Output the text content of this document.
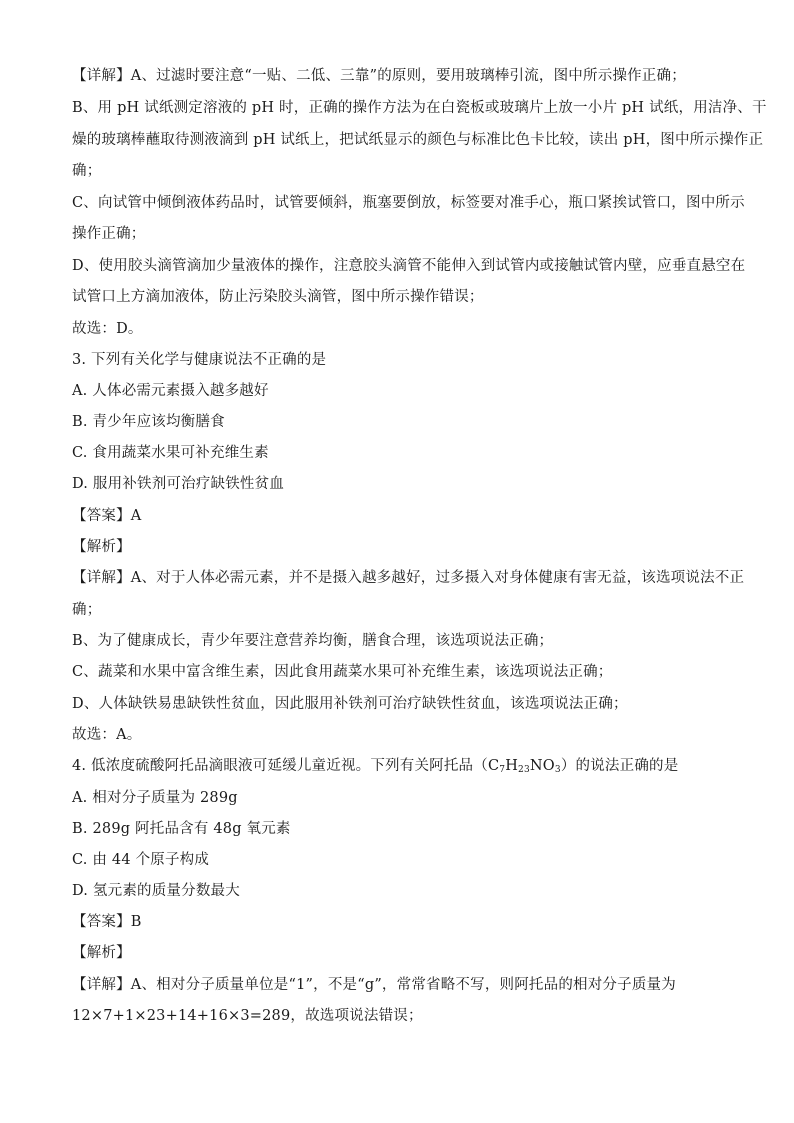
【详解】A、过滤时要注意“一贴、二低、三靠”的原则，要用玻璃棒引流，图中所示操作正确；
B、用 pH 试纸测定溶液的 pH 时，正确的操作方法为在白瓷板或玻璃片上放一小片 pH 试纸，用洁净、干
燥的玻璃棒蘸取待测液滴到 pH 试纸上，把试纸显示的颜色与标准比色卡比较，读出 pH，图中所示操作正
确；
C、向试管中倾倒液体药品时，试管要倾斜，瓶塞要倒放，标签要对准手心，瓶口紧挨试管口，图中所示
操作正确；
D、使用胶头滴管滴加少量液体的操作，注意胶头滴管不能伸入到试管内或接触试管内壁，应垂直悬空在
试管口上方滴加液体，防止污染胶头滴管，图中所示操作错误；
故选：D。
3. 下列有关化学与健康说法不正确的是
A. 人体必需元素摄入越多越好
B. 青少年应该均衡膳食
C. 食用蔬菜水果可补充维生素
D. 服用补铁剂可治疗缺铁性贫血
【答案】A
【解析】
【详解】A、对于人体必需元素，并不是摄入越多越好，过多摄入对身体健康有害无益，该选项说法不正
确；
B、为了健康成长，青少年要注意营养均衡，膳食合理，该选项说法正确；
C、蔬菜和水果中富含维生素，因此食用蔬菜水果可补充维生素，该选项说法正确；
D、人体缺铁易患缺铁性贫血，因此服用补铁剂可治疗缺铁性贫血，该选项说法正确；
故选：A。
4. 低浓度硫酸阿托品滴眼液可延缓儿童近视。下列有关阿托品$(C_7H_{23}NO_3)$的说法正确的是
A. 相对分子质量为 289g
B. 289g 阿托品含有 48g 氧元素
C. 由 44 个原子构成
D. 氢元素的质量分数最大
【答案】B
【解析】
【详解】A、相对分子质量单位是“1”，不是“g”，常常省略不写，则阿托品的相对分子质量为
12×7+1×23+14+16×3=289，故选项说法错误；
